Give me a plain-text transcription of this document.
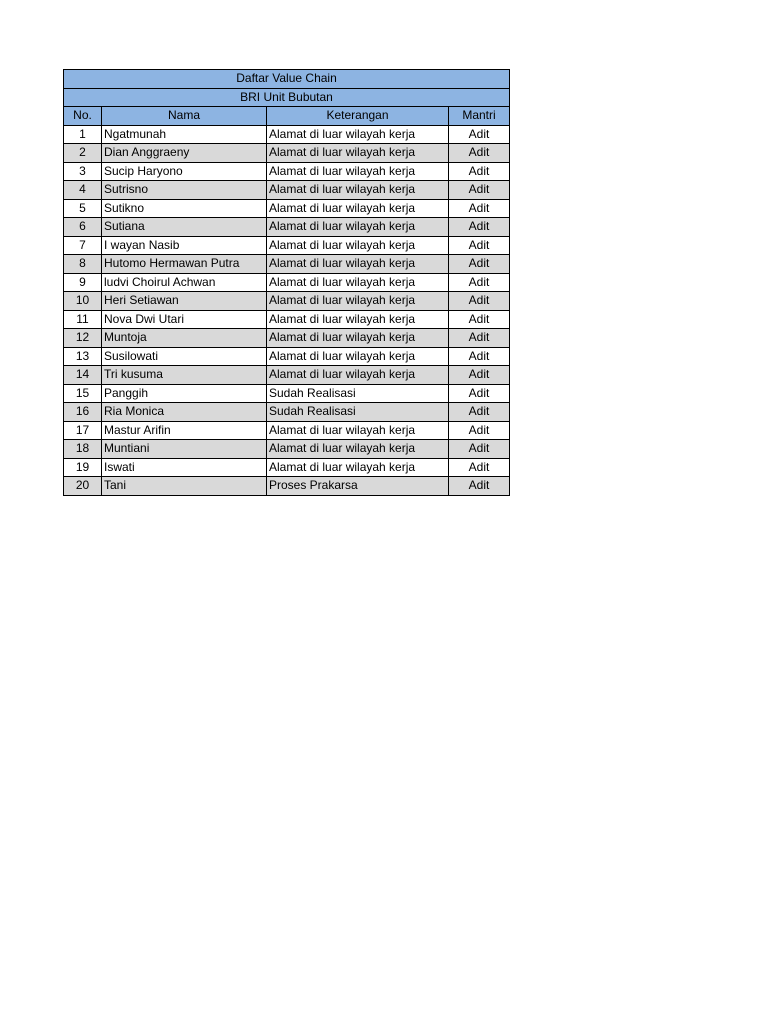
Daftar Value Chain			
BRI Unit Bubutan			
No.	Nama	Keterangan	Mantri
1	Ngatmunah	Alamat di luar wilayah kerja	Adit
2	Dian Anggraeny	Alamat di luar wilayah kerja	Adit
3	Sucip Haryono	Alamat di luar wilayah kerja	Adit
4	Sutrisno	Alamat di luar wilayah kerja	Adit
5	Sutikno	Alamat di luar wilayah kerja	Adit
6	Sutiana	Alamat di luar wilayah kerja	Adit
7	I wayan Nasib	Alamat di luar wilayah kerja	Adit
8	Hutomo Hermawan Putra	Alamat di luar wilayah kerja	Adit
9	ludvi Choirul Achwan	Alamat di luar wilayah kerja	Adit
10	Heri Setiawan	Alamat di luar wilayah kerja	Adit
11	Nova Dwi Utari	Alamat di luar wilayah kerja	Adit
12	Muntoja	Alamat di luar wilayah kerja	Adit
13	Susilowati	Alamat di luar wilayah kerja	Adit
14	Tri kusuma	Alamat di luar wilayah kerja	Adit
15	Panggih	Sudah Realisasi	Adit
16	Ria Monica	Sudah Realisasi	Adit
17	Mastur Arifin	Alamat di luar wilayah kerja	Adit
18	Muntiani	Alamat di luar wilayah kerja	Adit
19	Iswati	Alamat di luar wilayah kerja	Adit
20	Tani	Proses Prakarsa	Adit
